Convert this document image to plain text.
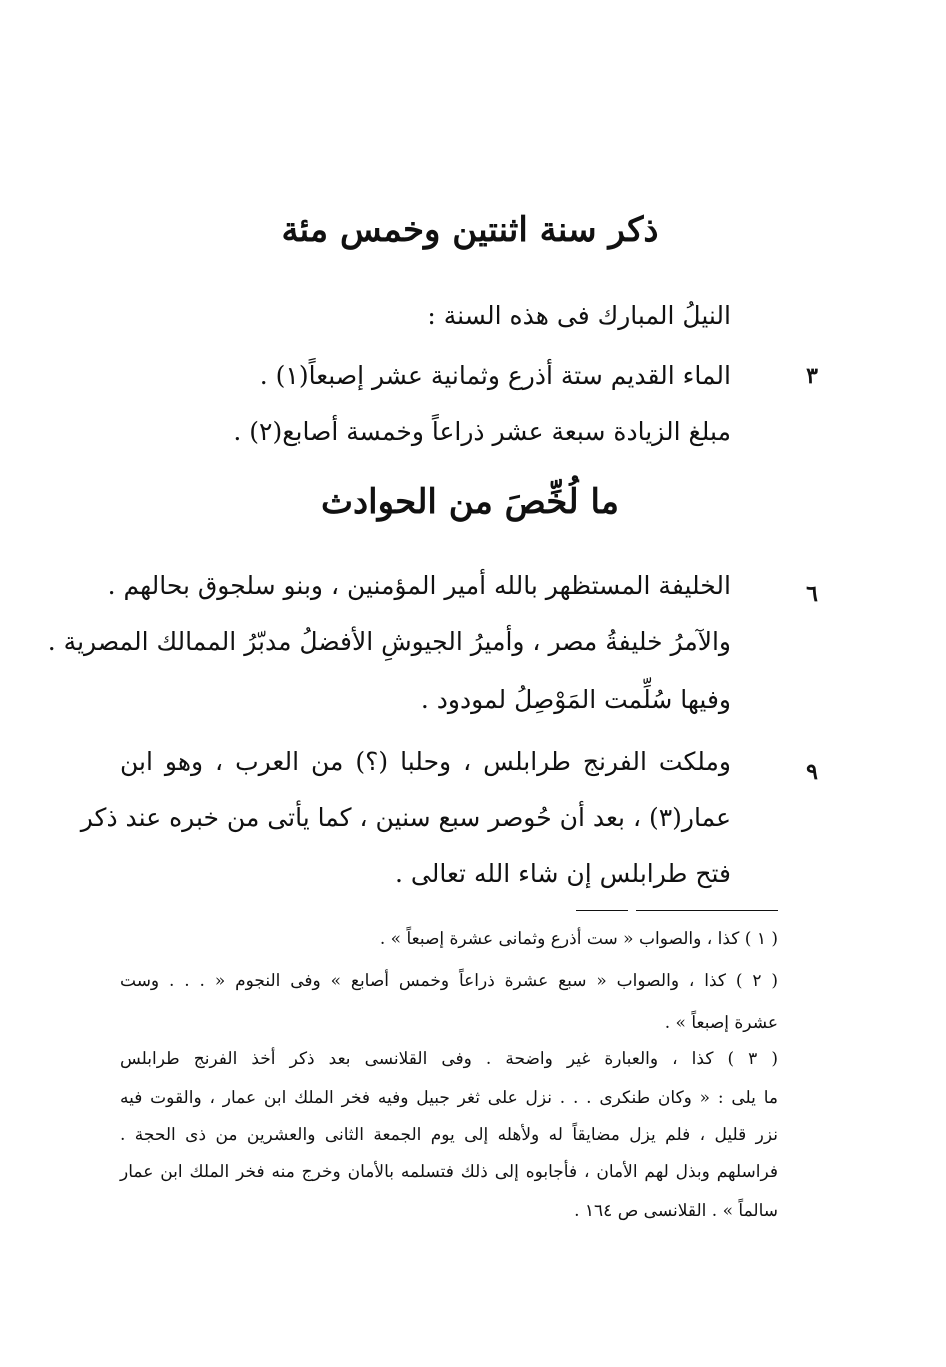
ذكر سنة اثنتين وخمس مئة
النيلُ المبارك فى هذه السنة :
٣
الماء القديم ستة أذرع وثمانية عشر إصبعاً(١) .
مبلغ الزيادة سبعة عشر ذراعاً وخمسة أصابع(٢) .
ما لُخِّصَ من الحوادث
٦
الخليفة المستظهر بالله أمير المؤمنين ، وبنو سلجوق بحالهم .
والآمرُ خليفةُ مصر ، وأميرُ الجيوشِ الأفضلُ مدبّرُ الممالك المصرية .
وفيها سُلِّمت المَوْصِلُ لمودود .
٩
وملكت الفرنج طرابلس ، وحلبا (؟) من العرب ، وهو ابن
عمار(٣) ، بعد أن حُوصر سبع سنين ، كما يأتى من خبره عند ذكر
فتح طرابلس إن شاء الله تعالى .
( ١ ) كذا ، والصواب « ست أذرع وثمانى عشرة إصبعاً » .
( ٢ ) كذا ، والصواب « سبع عشرة ذراعاً وخمس أصابع » وفى النجوم « . . . وست
عشرة إصبعاً » .
( ٣ ) كذا ، والعبارة غير واضحة . وفى القلانسى بعد ذكر أخذ الفرنج طرابلس
ما يلى : « وكان طنكرى . . . نزل على ثغر جبيل وفيه فخر الملك ابن عمار ، والقوت فيه
نزر قليل ، فلم يزل مضايقاً له ولأهله إلى يوم الجمعة الثانى والعشرين من ذى الحجة .
فراسلهم وبذل لهم الأمان ، فأجابوه إلى ذلك فتسلمه بالأمان وخرج منه فخر الملك ابن عمار
سالماً » . القلانسى ص ١٦٤ .
